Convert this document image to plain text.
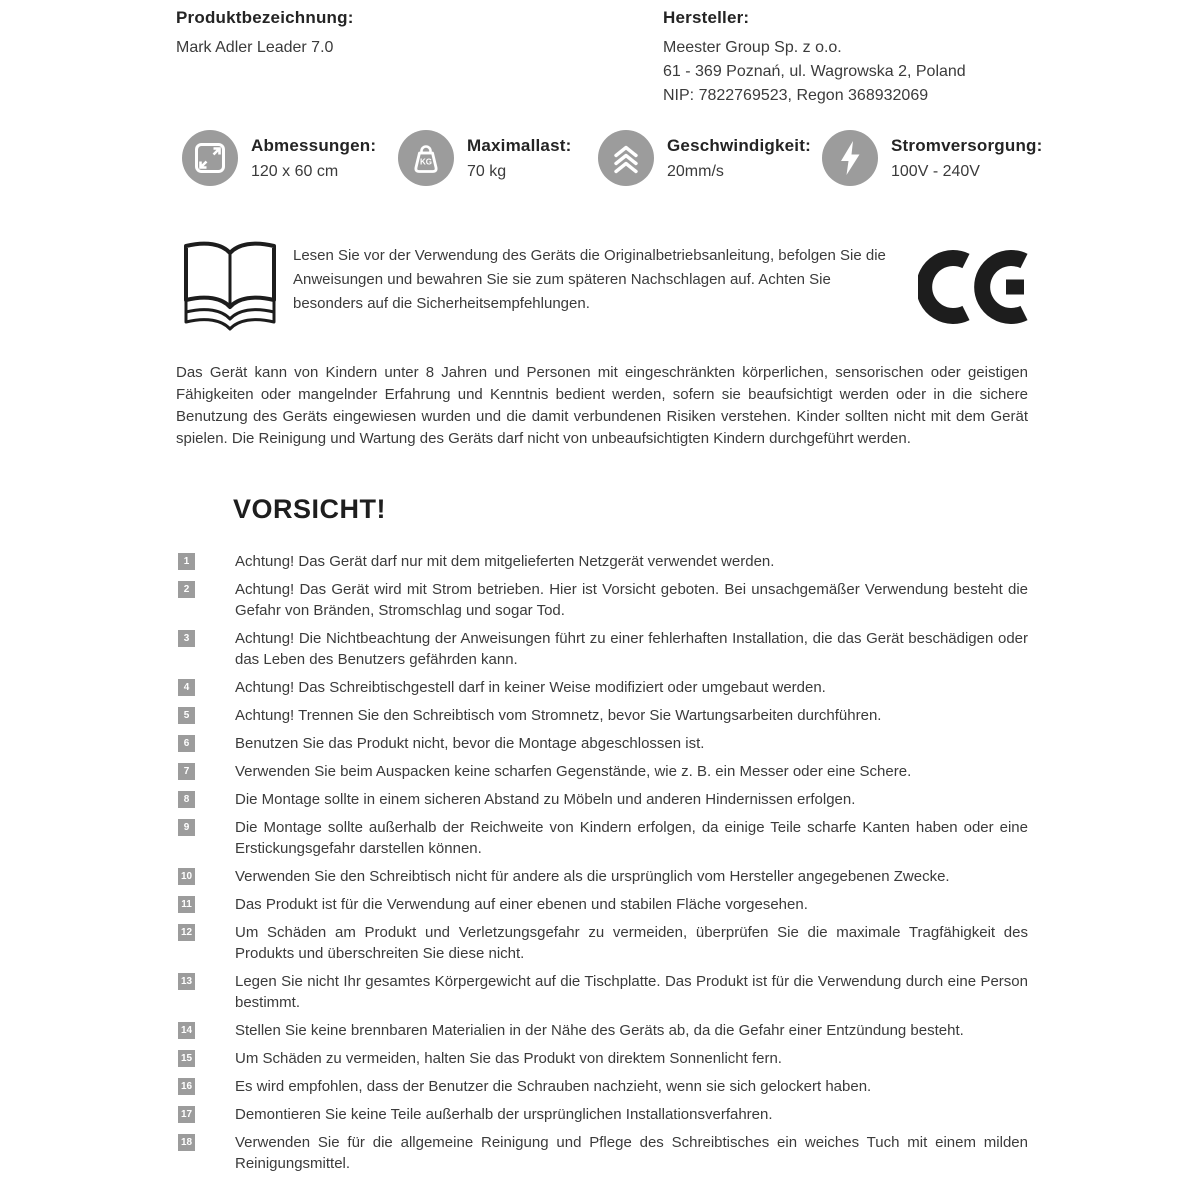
Produktbezeichnung:
Mark Adler Leader 7.0
Hersteller:
Meester Group Sp. z o.o.
61 - 369 Poznań, ul. Wagrowska 2, Poland
NIP: 7822769523, Regon 368932069
Abmessungen:
120 x 60 cm
KG
Maximallast:
70 kg
Geschwindigkeit:
20mm/s
Stromversorgung:
100V - 240V
Lesen Sie vor der Verwendung des Geräts die Originalbetriebsanleitung, befolgen Sie die Anweisungen und bewahren Sie sie zum späteren Nachschlagen auf. Achten Sie besonders auf die Sicherheitsempfehlungen.
Das Gerät kann von Kindern unter 8 Jahren und Personen mit eingeschränkten körperlichen, sensorischen oder geistigen Fähigkeiten oder mangelnder Erfahrung und Kenntnis bedient werden, sofern sie beaufsichtigt werden oder in die sichere Benutzung des Geräts eingewiesen wurden und die damit verbundenen Risiken verstehen. Kinder sollten nicht mit dem Gerät spielen. Die Reinigung und Wartung des Geräts darf nicht von unbeaufsichtigten Kindern durchgeführt werden.
VORSICHT!
1	Achtung! Das Gerät darf nur mit dem mitgelieferten Netzgerät verwendet werden.
2	Achtung! Das Gerät wird mit Strom betrieben. Hier ist Vorsicht geboten. Bei unsachgemäßer Verwendung besteht die Gefahr von Bränden, Stromschlag und sogar Tod.
3	Achtung! Die Nichtbeachtung der Anweisungen führt zu einer fehlerhaften Installation, die das Gerät beschädigen oder das Leben des Benutzers gefährden kann.
4	Achtung! Das Schreibtischgestell darf in keiner Weise modifiziert oder umgebaut werden.
5	Achtung! Trennen Sie den Schreibtisch vom Stromnetz, bevor Sie Wartungsarbeiten durchführen.
6	Benutzen Sie das Produkt nicht, bevor die Montage abgeschlossen ist.
7	Verwenden Sie beim Auspacken keine scharfen Gegenstände, wie z. B. ein Messer oder eine Schere.
8	Die Montage sollte in einem sicheren Abstand zu Möbeln und anderen Hindernissen erfolgen.
9	Die Montage sollte außerhalb der Reichweite von Kindern erfolgen, da einige Teile scharfe Kanten haben oder eine Erstickungsgefahr darstellen können.
10	Verwenden Sie den Schreibtisch nicht für andere als die ursprünglich vom Hersteller angegebenen Zwecke.
11	Das Produkt ist für die Verwendung auf einer ebenen und stabilen Fläche vorgesehen.
12	Um Schäden am Produkt und Verletzungsgefahr zu vermeiden, überprüfen Sie die maximale Tragfähigkeit des Produkts und überschreiten Sie diese nicht.
13	Legen Sie nicht Ihr gesamtes Körpergewicht auf die Tischplatte. Das Produkt ist für die Verwendung durch eine Person bestimmt.
14	Stellen Sie keine brennbaren Materialien in der Nähe des Geräts ab, da die Gefahr einer Entzündung besteht.
15	Um Schäden zu vermeiden, halten Sie das Produkt von direktem Sonnenlicht fern.
16	Es wird empfohlen, dass der Benutzer die Schrauben nachzieht, wenn sie sich gelockert haben.
17	Demontieren Sie keine Teile außerhalb der ursprünglichen Installationsverfahren.
18	Verwenden Sie für die allgemeine Reinigung und Pflege des Schreibtisches ein weiches Tuch mit einem milden Reinigungsmittel.
